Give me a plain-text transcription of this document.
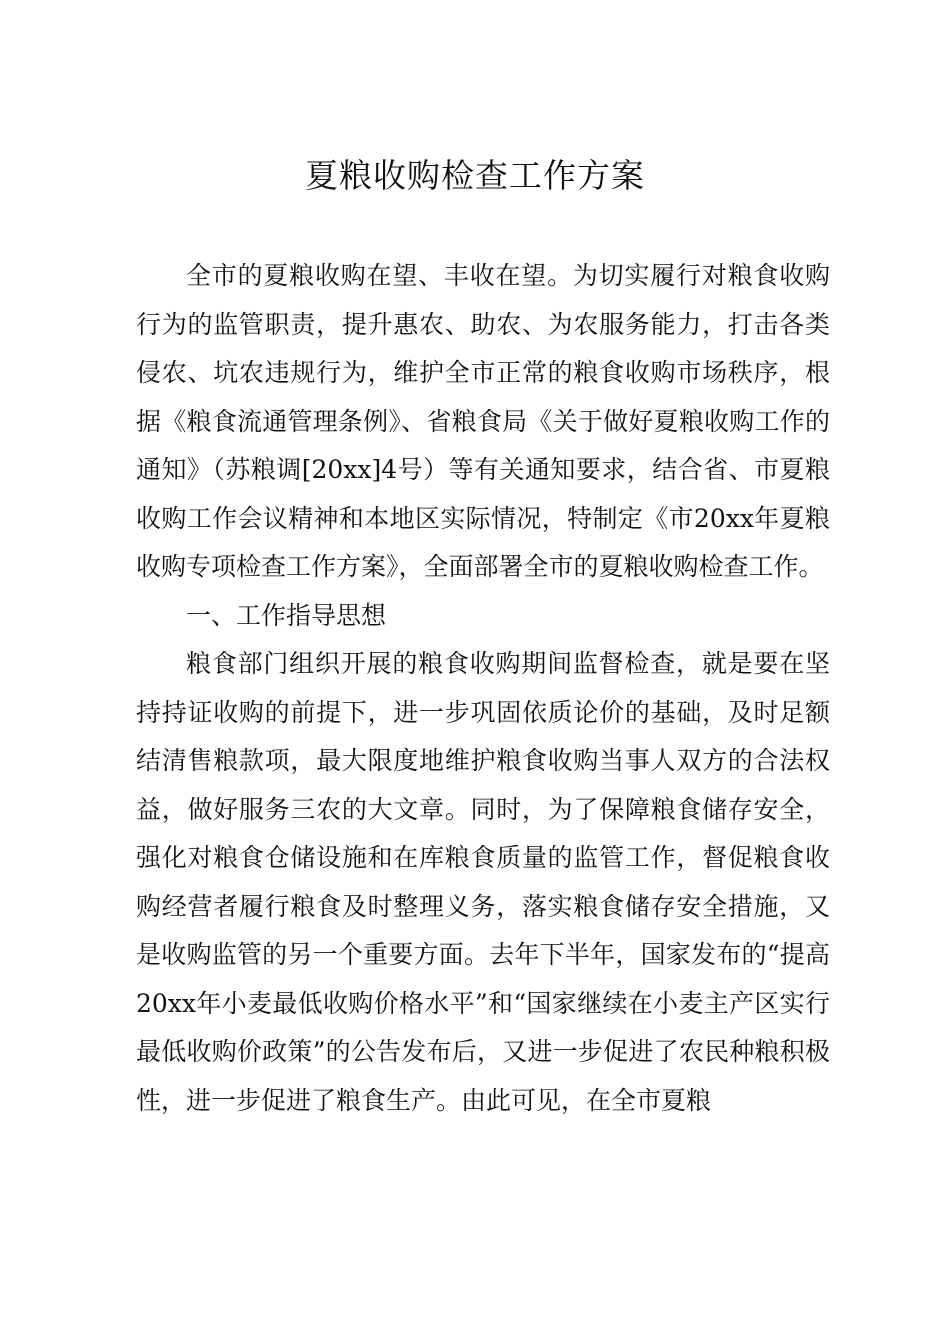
夏粮收购检查工作方案

全市的夏粮收购在望、丰收在望。为切实履行对粮食收购行为的监管职责，提升惠农、助农、为农服务能力，打击各类侵农、坑农违规行为，维护全市正常的粮食收购市场秩序，根据《粮食流通管理条例》、省粮食局《关于做好夏粮收购工作的通知》（苏粮调[20xx]4号）等有关通知要求，结合省、市夏粮收购工作会议精神和本地区实际情况，特制定《市20xx年夏粮收购专项检查工作方案》，全面部署全市的夏粮收购检查工作。

一、工作指导思想

粮食部门组织开展的粮食收购期间监督检查，就是要在坚持持证收购的前提下，进一步巩固依质论价的基础，及时足额结清售粮款项，最大限度地维护粮食收购当事人双方的合法权益，做好服务三农的大文章。同时，为了保障粮食储存安全，强化对粮食仓储设施和在库粮食质量的监管工作，督促粮食收购经营者履行粮食及时整理义务，落实粮食储存安全措施，又是收购监管的另一个重要方面。去年下半年，国家发布的“提高20xx年小麦最低收购价格水平”和“国家继续在小麦主产区实行最低收购价政策”的公告发布后，又进一步促进了农民种粮积极性，进一步促进了粮食生产。由此可见，在全市夏粮
